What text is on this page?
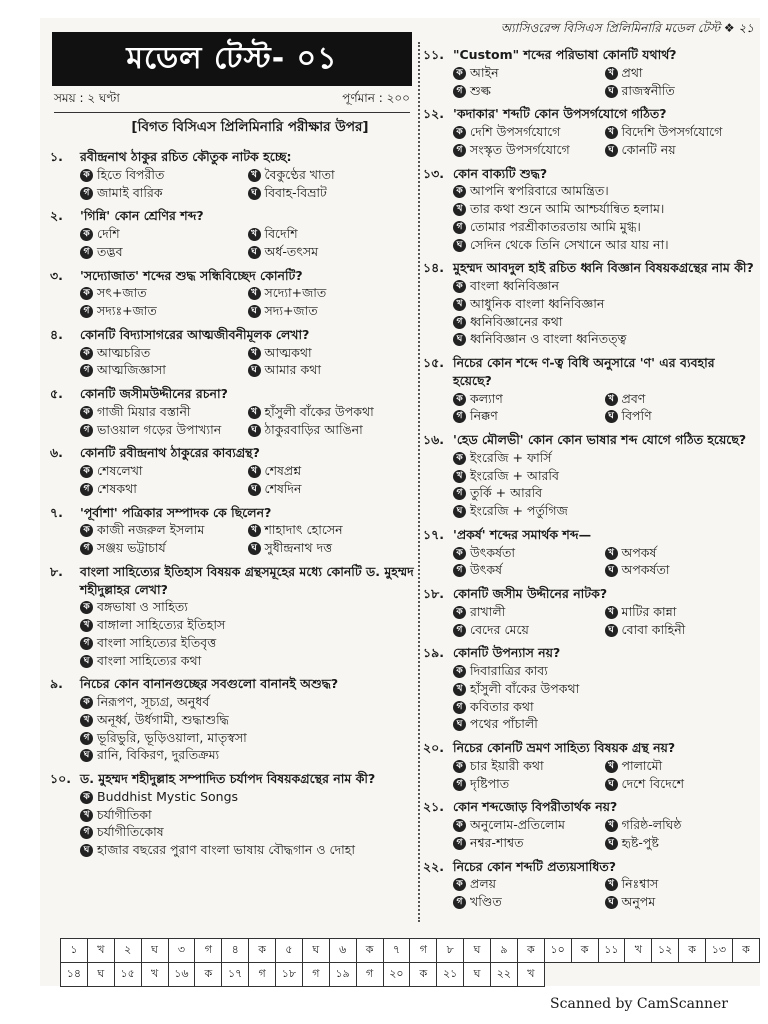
অ্যাসিওরেন্স বিসিএস প্রিলিমিনারি মডেল টেস্ট ❖ ২১
মডেল টেস্ট- ০১
সময় : ২ ঘণ্টা	পূর্ণমান : ২০০
[বিগত বিসিএস প্রিলিমিনারি পরীক্ষার উপর]
১.	রবীন্দ্রনাথ ঠাকুর রচিত কৌতুক নাটক হচ্ছে:
ক হিতে বিপরীত	খ বৈকুণ্ঠের খাতা
গ জামাই বারিক	ঘ বিবাহ-বিভ্রাট
২.	'গিন্নি' কোন শ্রেণির শব্দ?
ক দেশি	খ বিদেশি
গ তদ্ভব	ঘ অর্ধ-তৎসম
৩.	'সদ্যোজাত' শব্দের শুদ্ধ সন্ধিবিচ্ছেদ কোনটি?
ক সৎ+জাত	খ সদ্যো+জাত
গ সদ্যঃ+জাত	ঘ সদ্য+জাত
৪.	কোনটি বিদ্যাসাগরের আত্মজীবনীমূলক লেখা?
ক আত্মচরিত	খ আত্মকথা
গ আত্মজিজ্ঞাসা	ঘ আমার কথা
৫.	কোনটি জসীমউদ্দীনের রচনা?
ক গাজী মিয়ার বস্তানী	খ হাঁসুলী বাঁকের উপকথা
গ ভাওয়াল গড়ের উপাখ্যান	ঘ ঠাকুরবাড়ির আঙিনা
৬.	কোনটি রবীন্দ্রনাথ ঠাকুরের কাব্যগ্রন্থ?
ক শেষলেখা	খ শেষপ্রশ্ন
গ শেষকথা	ঘ শেষদিন
৭.	'পূর্বাশা' পত্রিকার সম্পাদক কে ছিলেন?
ক কাজী নজরুল ইসলাম	খ শাহাদাৎ হোসেন
গ সঞ্জয় ভট্টাচার্য	ঘ সুধীন্দ্রনাথ দত্ত
৮.	বাংলা সাহিত্যের ইতিহাস বিষয়ক গ্রন্থসমূহের মধ্যে কোনটি ড. মুহম্মদ শহীদুল্লাহর লেখা?
ক বঙ্গভাষা ও সাহিত্য
খ বাঙ্গালা সাহিত্যের ইতিহাস
গ বাংলা সাহিত্যের ইতিবৃত্ত
ঘ বাংলা সাহিত্যের কথা
৯.	নিচের কোন বানানগুচ্ছের সবগুলো বানানই অশুদ্ধ?
ক নিরূপণ, সূচ্যগ্র, অনুধর্ব
খ অনূর্ধ্ব, উর্ধগামী, শুদ্ধাশুদ্ধি
গ ভূরিভুরি, ভূড়িওয়ালা, মাতৃস্বসা
ঘ রানি, বিকিরণ, দুরতিক্রম্য
১০. ড. মুহম্মদ শহীদুল্লাহ সম্পাদিত চর্যাপদ বিষয়কগ্রন্থের নাম কী?
ক Buddhist Mystic Songs
খ চর্যাগীতিকা
গ চর্যাগীতিকোষ
ঘ হাজার বছরের পুরাণ বাংলা ভাষায় বৌদ্ধগান ও দোহা
১১. "Custom" শব্দের পরিভাষা কোনটি যথার্থ?
ক আইন	খ প্রথা
গ শুল্ক	ঘ রাজস্বনীতি
১২. 'কদাকার' শব্দটি কোন উপসর্গযোগে গঠিত?
ক দেশি উপসর্গযোগে	খ বিদেশি উপসর্গযোগে
গ সংস্কৃত উপসর্গযোগে	ঘ কোনটি নয়
১৩. কোন বাক্যটি শুদ্ধ?
ক আপনি স্বপরিবারে আমন্ত্রিত।
খ তার কথা শুনে আমি আশ্চর্যান্বিত হলাম।
গ তোমার পরশ্রীকাতরতায় আমি মুগ্ধ।
ঘ সেদিন থেকে তিনি সেখানে আর যায় না।
১৪. মুহম্মদ আবদুল হাই রচিত ধ্বনি বিজ্ঞান বিষয়কগ্রন্থের নাম কী?
ক বাংলা ধ্বনিবিজ্ঞান
খ আধুনিক বাংলা ধ্বনিবিজ্ঞান
গ ধ্বনিবিজ্ঞানের কথা
ঘ ধ্বনিবিজ্ঞান ও বাংলা ধ্বনিতত্ত্ব
১৫. নিচের কোন শব্দে ণ-ত্ব বিধি অনুসারে 'ণ' এর ব্যবহার হয়েছে?
ক কল্যাণ	খ প্রবণ
গ নিক্কণ	ঘ বিপণি
১৬. 'হেড মৌলভী' কোন কোন ভাষার শব্দ যোগে গঠিত হয়েছে?
ক ইংরেজি + ফার্সি
খ ইংরেজি + আরবি
গ তুর্কি + আরবি
ঘ ইংরেজি + পর্তুগিজ
১৭. 'প্রকর্ষ' শব্দের সমার্থক শব্দ—
ক উৎকর্ষতা	খ অপকর্ষ
গ উৎকর্ষ	ঘ অপকর্ষতা
১৮. কোনটি জসীম উদ্দীনের নাটক?
ক রাখালী	খ মাটির কান্না
গ বেদের মেয়ে	ঘ বোবা কাহিনী
১৯. কোনটি উপন্যাস নয়?
ক দিবারাত্রির কাব্য
খ হাঁসুলী বাঁকের উপকথা
গ কবিতার কথা
ঘ পথের পাঁচালী
২০. নিচের কোনটি ভ্রমণ সাহিত্য বিষয়ক গ্রন্থ নয়?
ক চার ইয়ারী কথা	খ পালামৌ
গ দৃষ্টিপাত	ঘ দেশে বিদেশে
২১. কোন শব্দজোড় বিপরীতার্থক নয়?
ক অনুলোম-প্রতিলোম	খ গরিষ্ঠ-লঘিষ্ঠ
গ নশ্বর-শাশ্বত	ঘ হৃষ্ট-পুষ্ট
২২. নিচের কোন শব্দটি প্রত্যয়সাধিত?
ক প্রলয়	খ নিঃশ্বাস
গ খণ্ডিত	ঘ অনুপম
১	খ	২	ঘ	৩	গ	৪	ক	৫	ঘ	৬	ক	৭	গ	৮	ঘ	৯	ক	১০	ক	১১	খ	১২	ক	১৩	ক
১৪	ঘ	১৫	খ	১৬	ক	১৭	গ	১৮	গ	১৯	গ	২০	ক	২১	ঘ	২২	খ								
Scanned by CamScanner
